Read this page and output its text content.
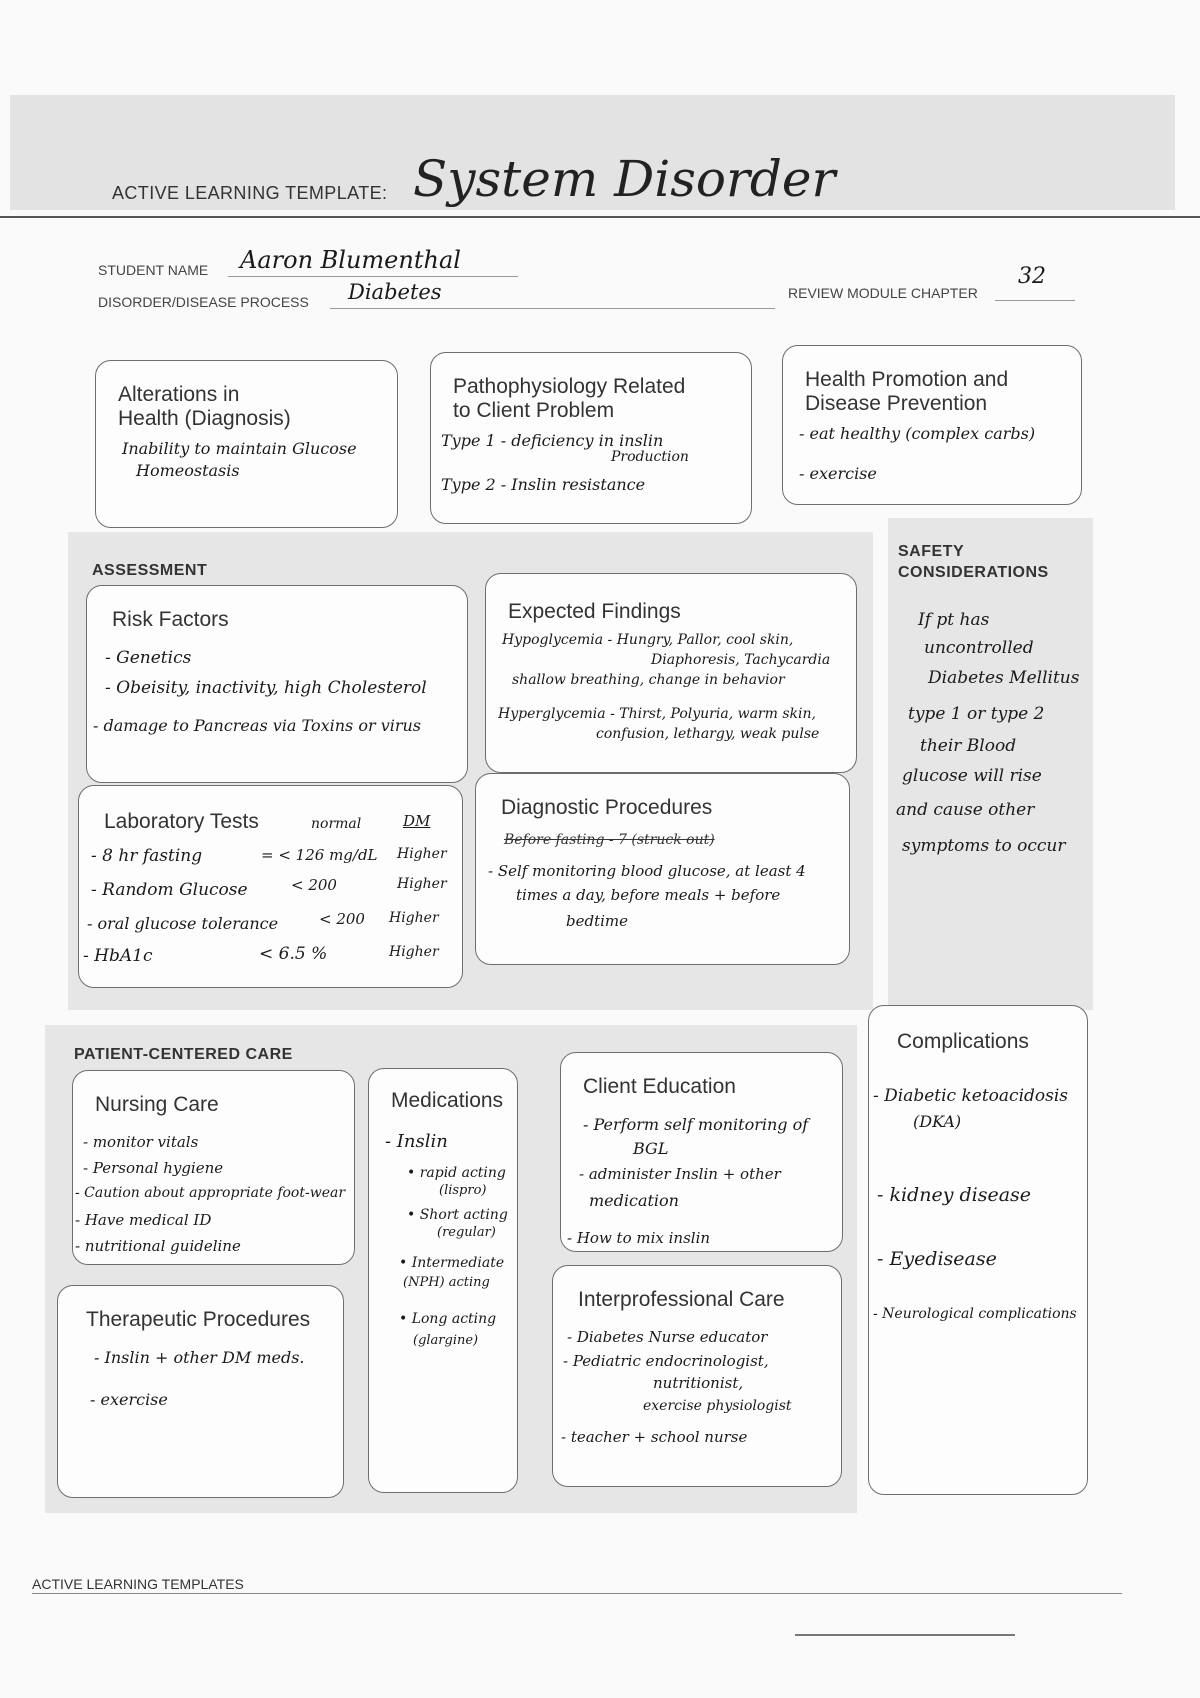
ACTIVE LEARNING TEMPLATE: System Disorder
STUDENT NAME Aaron Blumenthal
DISORDER/DISEASE PROCESS Diabetes	REVIEW MODULE CHAPTER
32
Alterations in
Health (Diagnosis)
Inability to maintain Glucose
Homeostasis
Pathophysiology Related
to Client Problem
Type 1 - deficiency in inslin
Production
Type 2 - Inslin resistance
Health Promotion and
Disease Prevention
- eat healthy (complex carbs)
- exercise
ASSESSMENT
Risk Factors
- Genetics
- Obeisity, inactivity, high Cholesterol
- damage to Pancreas via Toxins or virus
Expected Findings
Hypoglycemia - Hungry, Pallor, cool skin,
Diaphoresis, Tachycardia
shallow breathing, change in behavior
Hyperglycemia - Thirst, Polyuria, warm skin,
confusion, lethargy, weak pulse
Laboratory Tests	normal	DM
- 8 hr fasting	= < 126 mg/dL Higher
- Random Glucose	< 200	Higher
- oral glucose tolerance	< 200 Higher
- HbA1c	< 6.5 %	Higher
Diagnostic Procedures
Before fasting - 7 (struck out)
- Self monitoring blood glucose, at least 4
times a day, before meals + before
bedtime
SAFETY
CONSIDERATIONS
If pt has
uncontrolled
Diabetes Mellitus
type 1 or type 2
their Blood
glucose will rise
and cause other
symptoms to occur
PATIENT-CENTERED CARE
Nursing Care
- monitor vitals
- Personal hygiene
- Caution about appropriate foot-wear
- Have medical ID
- nutritional guideline
Medications
- Inslin
• rapid acting
(lispro)
• Short acting
(regular)
• Intermediate
(NPH) acting
• Long acting
(glargine)
Client Education
- Perform self monitoring of
BGL
- administer Inslin + other
medication
- How to mix inslin
Therapeutic Procedures
- Inslin + other DM meds.
- exercise
Interprofessional Care
- Diabetes Nurse educator
- Pediatric endocrinologist,
nutritionist,
exercise physiologist
- teacher + school nurse
Complications
- Diabetic ketoacidosis
(DKA)
- kidney disease
- Eyedisease
- Neurological complications
ACTIVE LEARNING TEMPLATES
